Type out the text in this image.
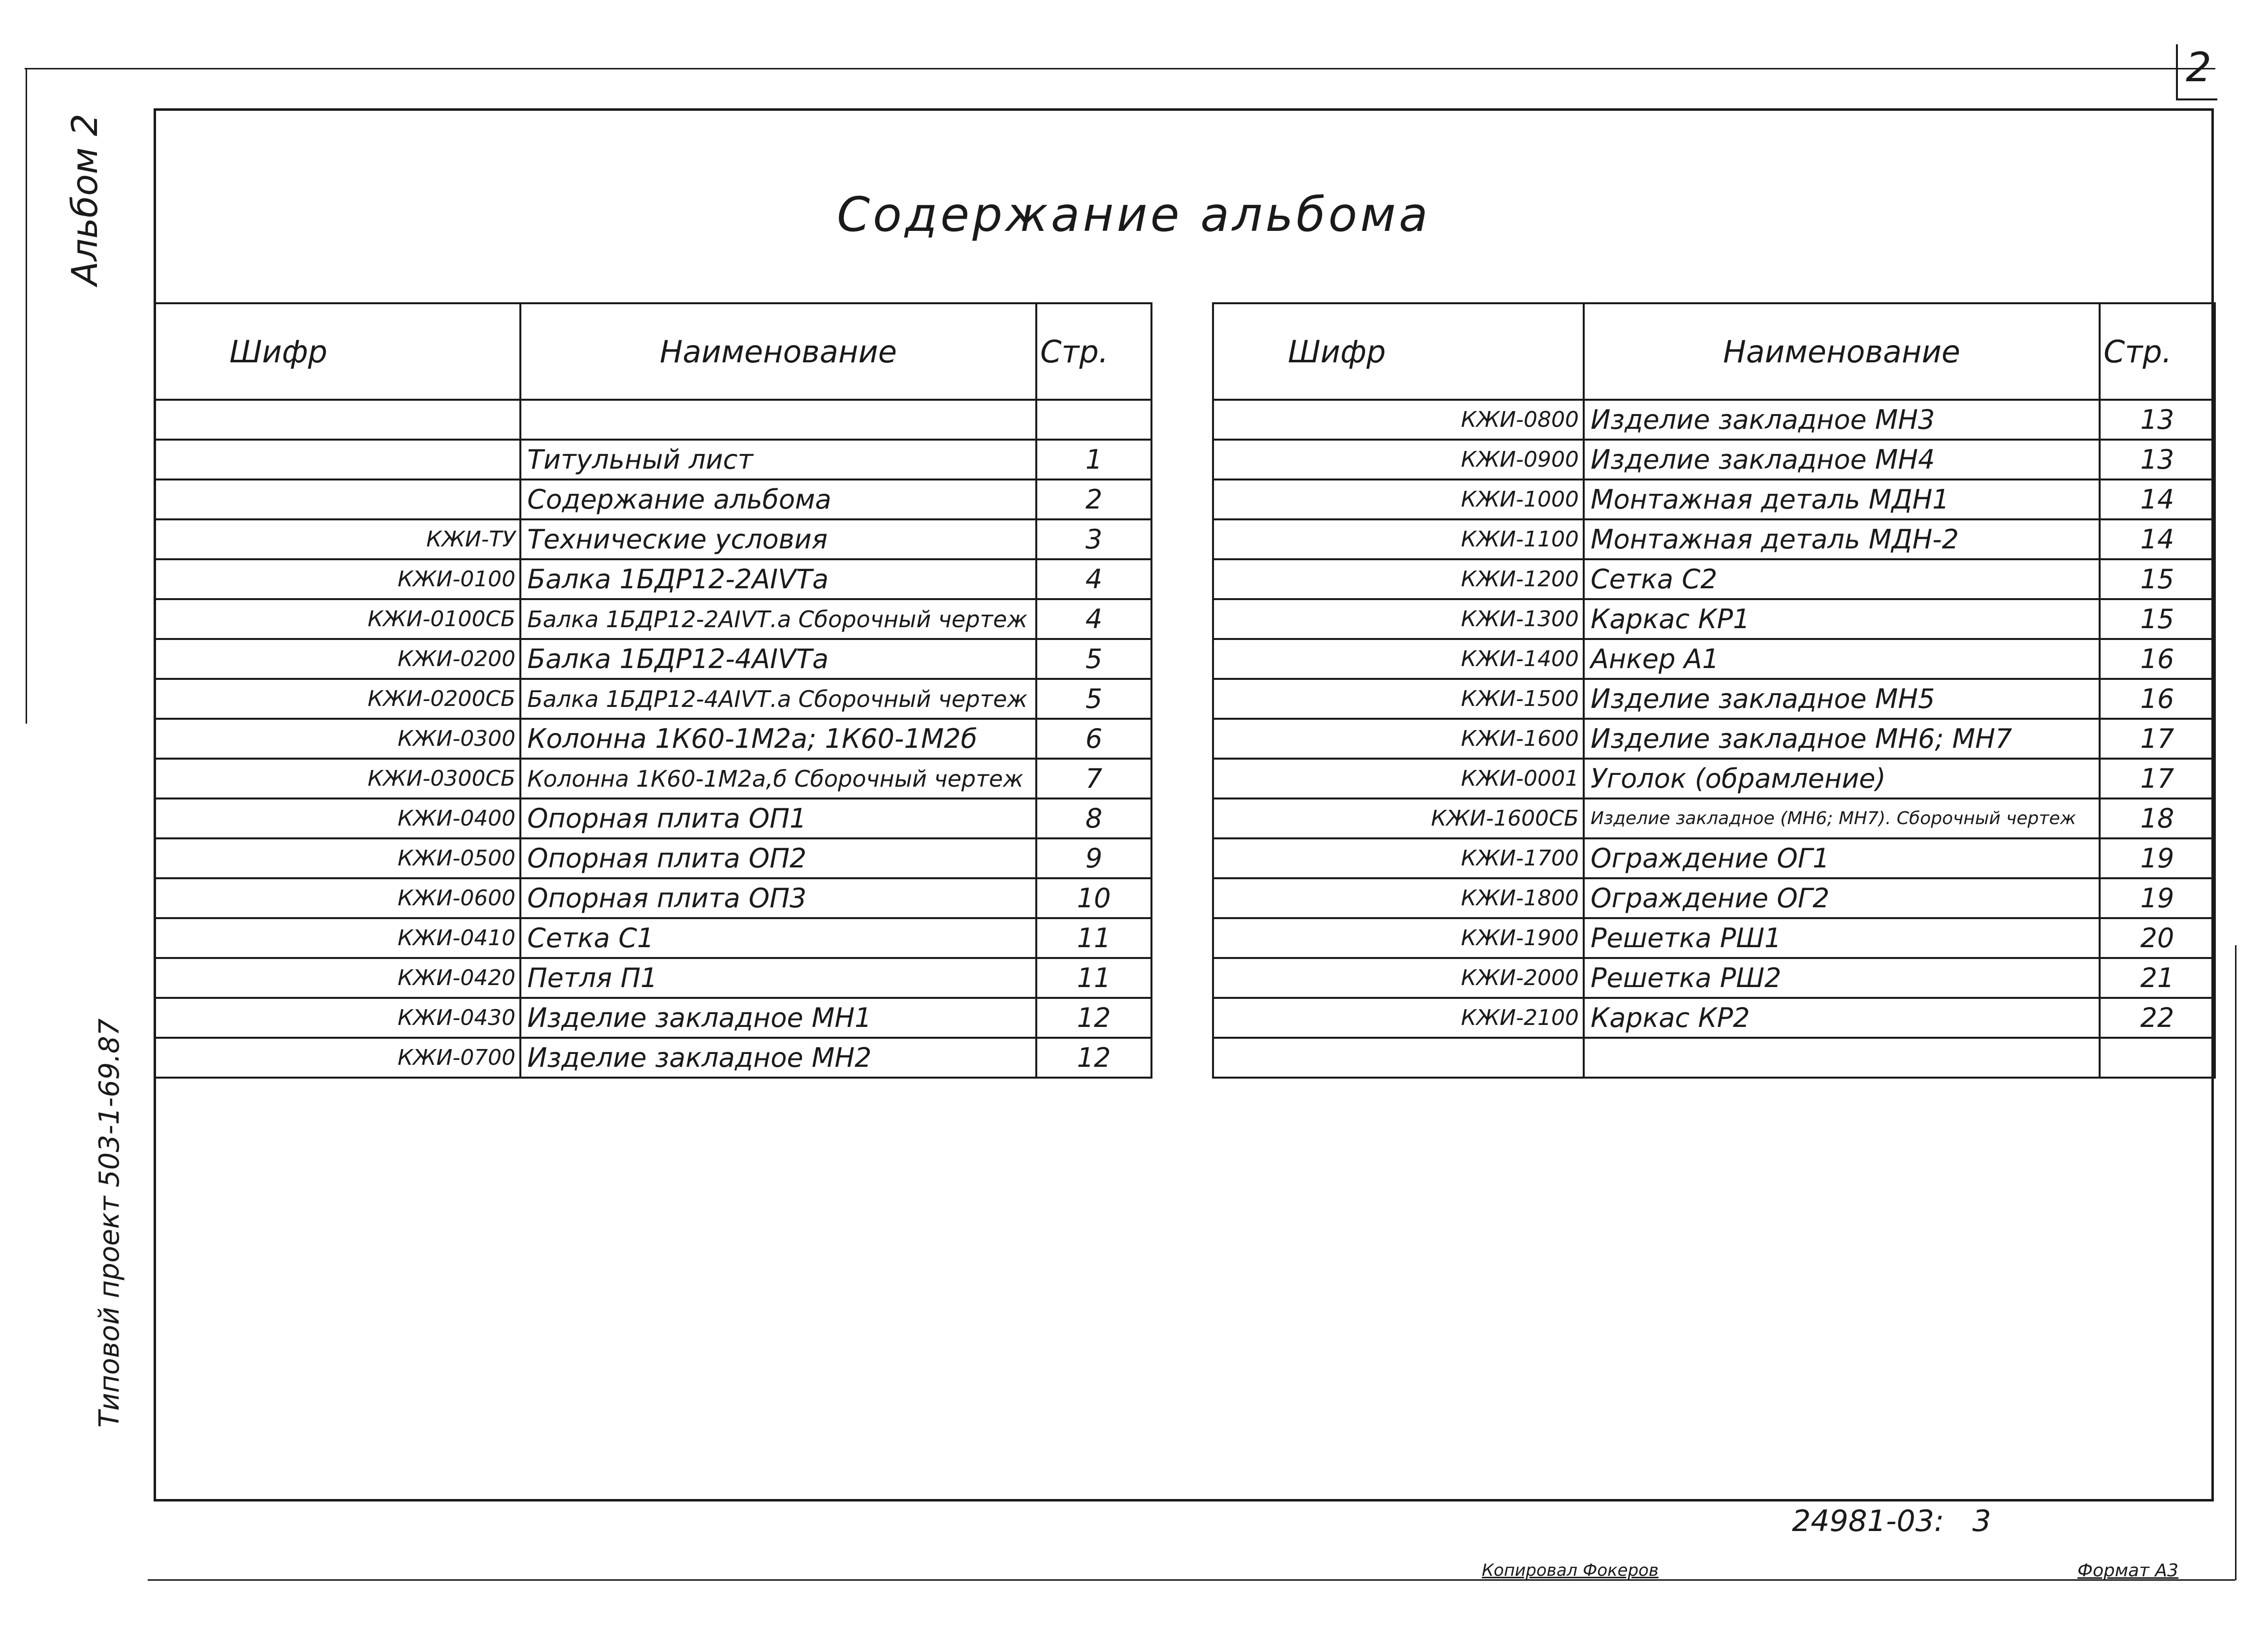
2
Альбом 2
Типовой проект 503-1-69.87
Содержание альбома
Шифр	Наименование	Стр.

	Титульный лист	1
	Содержание альбома	2
КЖИ-ТУ	Технические условия	3
КЖИ-0100	Балка 1БДР12-2АIVТа	4
КЖИ-0100СБ	Балка 1БДР12-2АIVТ.а Сборочный чертеж	4
КЖИ-0200	Балка 1БДР12-4АIVТа	5
КЖИ-0200СБ	Балка 1БДР12-4АIVТ.а Сборочный чертеж	5
КЖИ-0300	Колонна 1К60-1М2а; 1К60-1М2б	6
КЖИ-0300СБ	Колонна 1К60-1М2а,б Сборочный чертеж	7
КЖИ-0400	Опорная плита ОП1	8
КЖИ-0500	Опорная плита ОП2	9
КЖИ-0600	Опорная плита ОП3	10
КЖИ-0410	Сетка С1	11
КЖИ-0420	Петля П1	11
КЖИ-0430	Изделие закладное МН1	12
КЖИ-0700	Изделие закладное МН2	12
Шифр	Наименование	Стр.
КЖИ-0800	Изделие закладное МН3	13
КЖИ-0900	Изделие закладное МН4	13
КЖИ-1000	Монтажная деталь МДН1	14
КЖИ-1100	Монтажная деталь МДН-2	14
КЖИ-1200	Сетка С2	15
КЖИ-1300	Каркас КР1	15
КЖИ-1400	Анкер А1	16
КЖИ-1500	Изделие закладное МН5	16
КЖИ-1600	Изделие закладное МН6; МН7	17
КЖИ-0001	Уголок (обрамление)	17
КЖИ-1600СБ	Изделие закладное (МН6; МН7). Сборочный чертеж	18
КЖИ-1700	Ограждение ОГ1	19
КЖИ-1800	Ограждение ОГ2	19
КЖИ-1900	Решетка РШ1	20
КЖИ-2000	Решетка РШ2	21
КЖИ-2100	Каркас КР2	22

24981-03:   3
Копировал Фокеров	Формат А3
